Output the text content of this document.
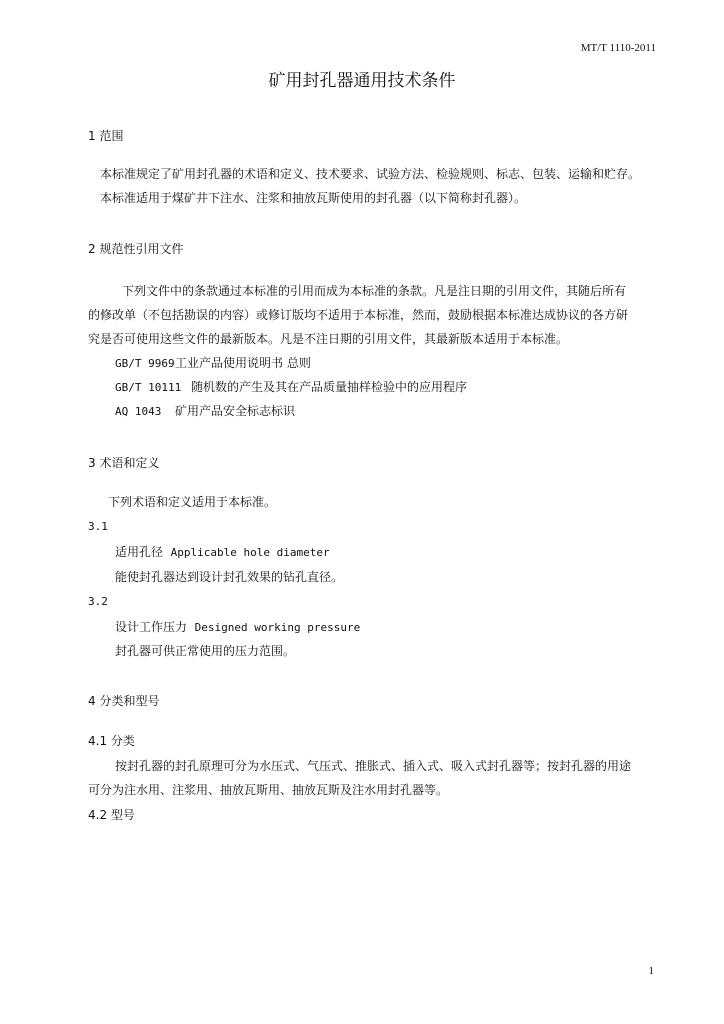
MT/T 1110-2011
矿用封孔器通用技术条件
1 范围
本标准规定了矿用封孔器的术语和定义、技术要求、试验方法、检验规则、标志、包装、运输和贮存。
本标准适用于煤矿井下注水、注浆和抽放瓦斯使用的封孔器（以下简称封孔器）。
2 规范性引用文件
下列文件中的条款通过本标准的引用而成为本标准的条款。凡是注日期的引用文件，其随后所有
的修改单（不包括勘误的内容）或修订版均不适用于本标准，然而，鼓励根据本标准达成协议的各方研
究是否可使用这些文件的最新版本。凡是不注日期的引用文件，其最新版本适用于本标准。
GB/T 9969工业产品使用说明书 总则
GB/T 10111 随机数的产生及其在产品质量抽样检验中的应用程序
AQ 1043 矿用产品安全标志标识
3 术语和定义
下列术语和定义适用于本标准。
3.1
适用孔径 Applicable hole diameter
能使封孔器达到设计封孔效果的钻孔直径。
3.2
设计工作压力 Designed working pressure
封孔器可供正常使用的压力范围。
4 分类和型号
4.1 分类
按封孔器的封孔原理可分为水压式、气压式、推胀式、插入式、吸入式封孔器等；按封孔器的用途
可分为注水用、注浆用、抽放瓦斯用、抽放瓦斯及注水用封孔器等。
4.2 型号
1
